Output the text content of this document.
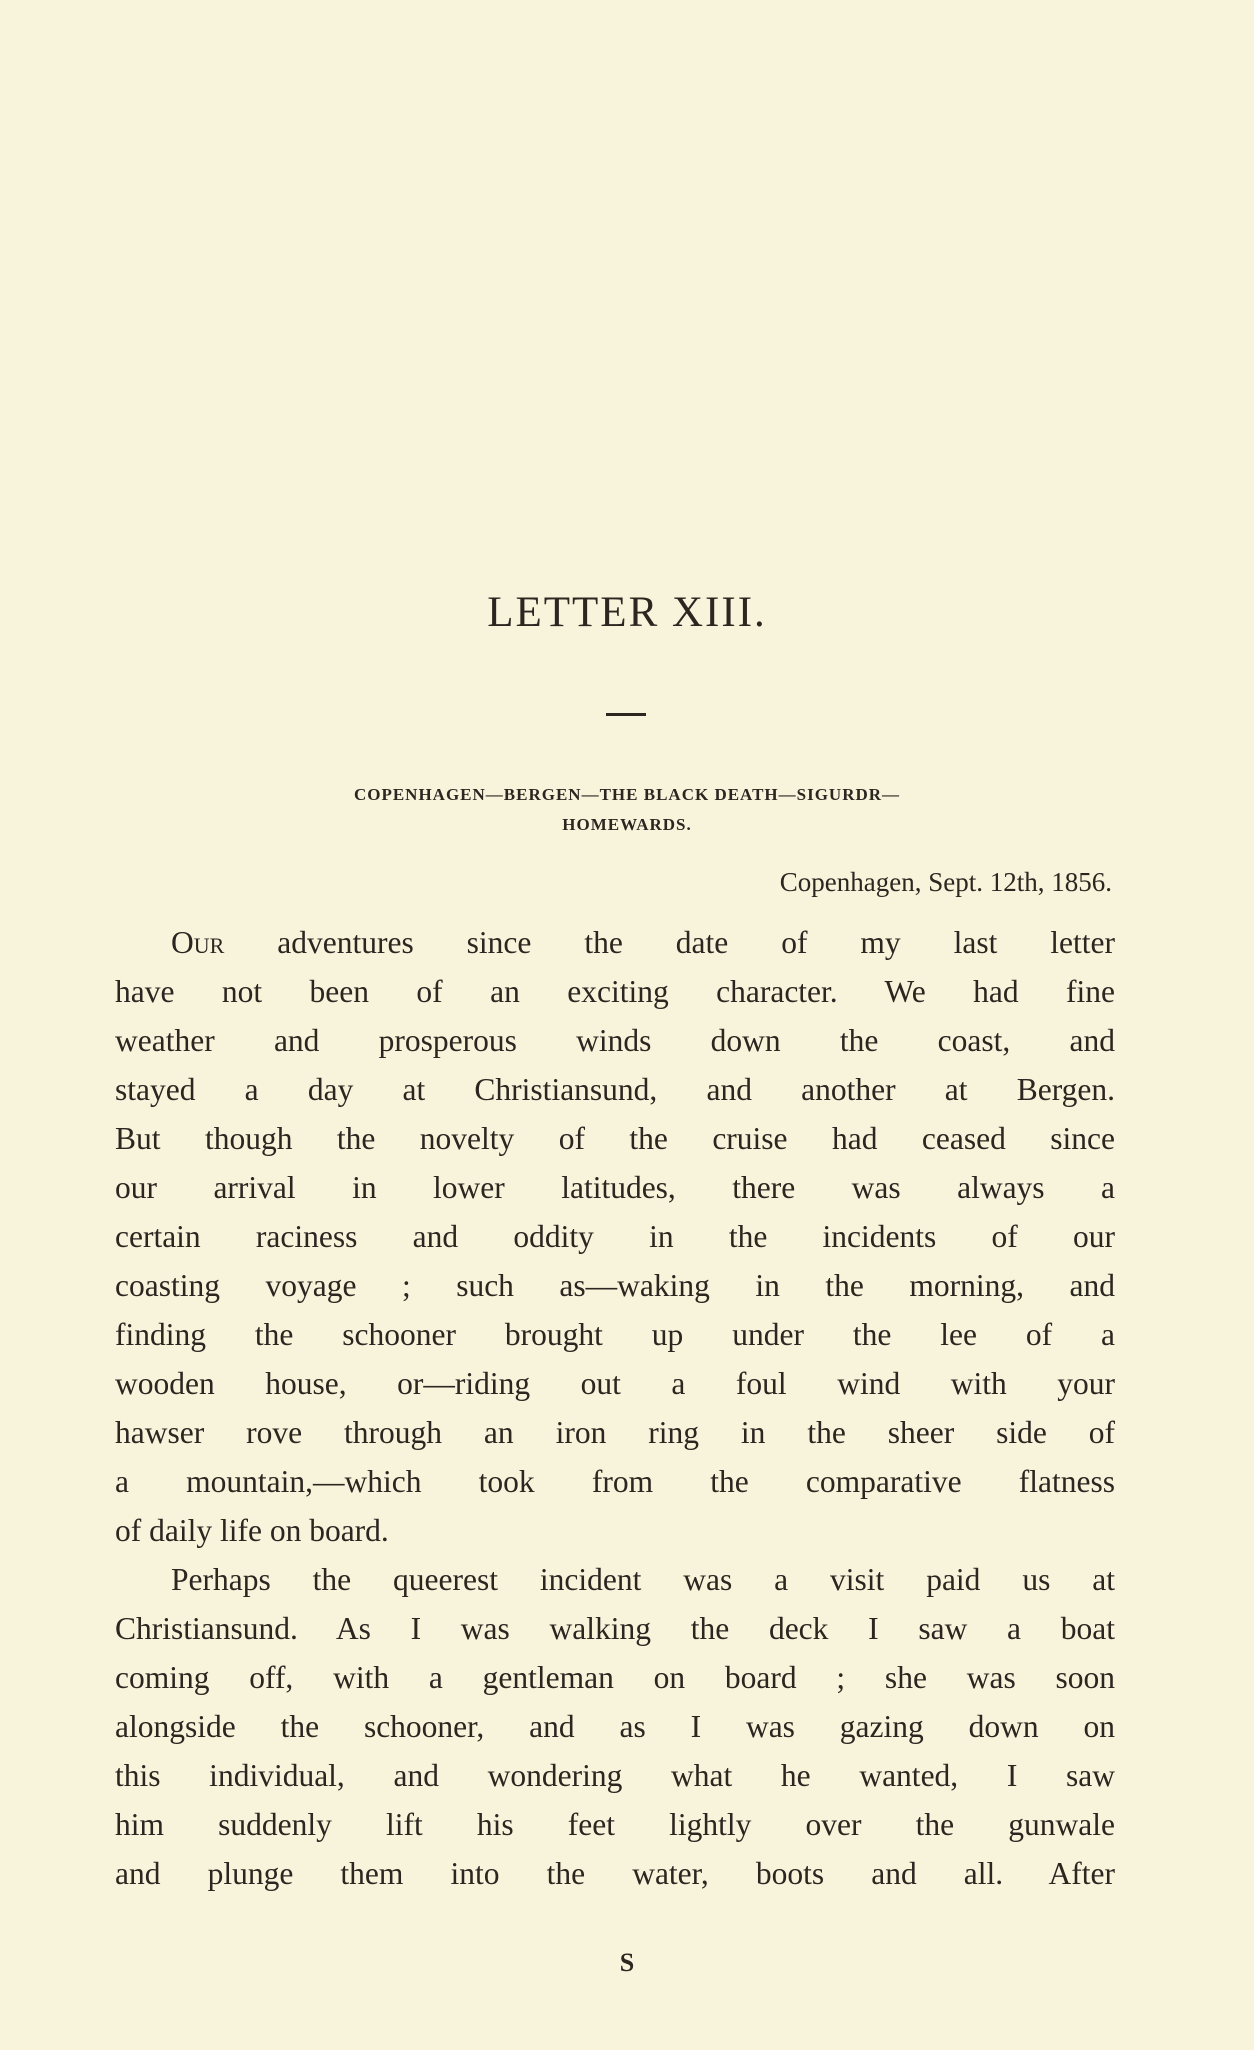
LETTER XIII.
COPENHAGEN—BERGEN—THE BLACK DEATH—SIGURDR—
HOMEWARDS.
Copenhagen, Sept. 12th, 1856.
Our adventures since the date of my last letter
have not been of an exciting character. We had fine
weather and prosperous winds down the coast, and
stayed a day at Christiansund, and another at Bergen.
But though the novelty of the cruise had ceased since
our arrival in lower latitudes, there was always a
certain raciness and oddity in the incidents of our
coasting voyage ; such as—waking in the morning, and
finding the schooner brought up under the lee of a
wooden house, or—riding out a foul wind with your
hawser rove through an iron ring in the sheer side of
a mountain,—which took from the comparative flatness
of daily life on board.
Perhaps the queerest incident was a visit paid us at
Christiansund. As I was walking the deck I saw a boat
coming off, with a gentleman on board ; she was soon
alongside the schooner, and as I was gazing down on
this individual, and wondering what he wanted, I saw
him suddenly lift his feet lightly over the gunwale
and plunge them into the water, boots and all. After
S
